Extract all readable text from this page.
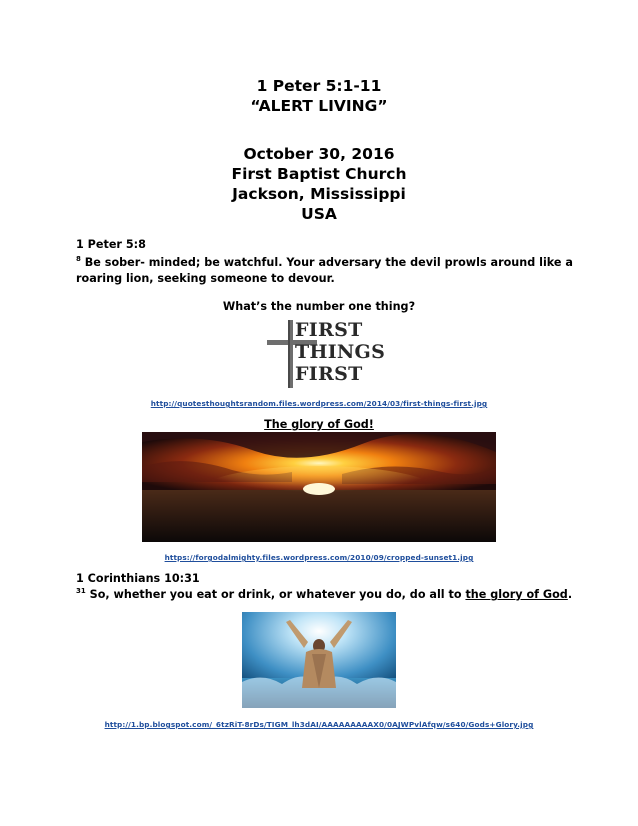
1 Peter 5:1-11
“ALERT LIVING”
October 30, 2016
First Baptist Church
Jackson, Mississippi
USA
1 Peter 5:8
$^8$ Be sober- minded; be watchful. Your adversary the devil prowls around like a
roaring lion, seeking someone to devour.
What’s the number one thing?
FIRST
THINGS
FIRST
http://quotesthoughtsrandom.files.wordpress.com/2014/03/first-things-first.jpg
The glory of God!
https://forgodalmighty.files.wordpress.com/2010/09/cropped-sunset1.jpg
1 Corinthians 10:31
$^{31}$ So, whether you eat or drink, or whatever you do, do all to the glory of God.
http://1.bp.blogspot.com/_6tzRiT-8rDs/TIGM_lh3dAI/AAAAAAAAAX0/0AJWPvlAfqw/s640/Gods+Glory.jpg
